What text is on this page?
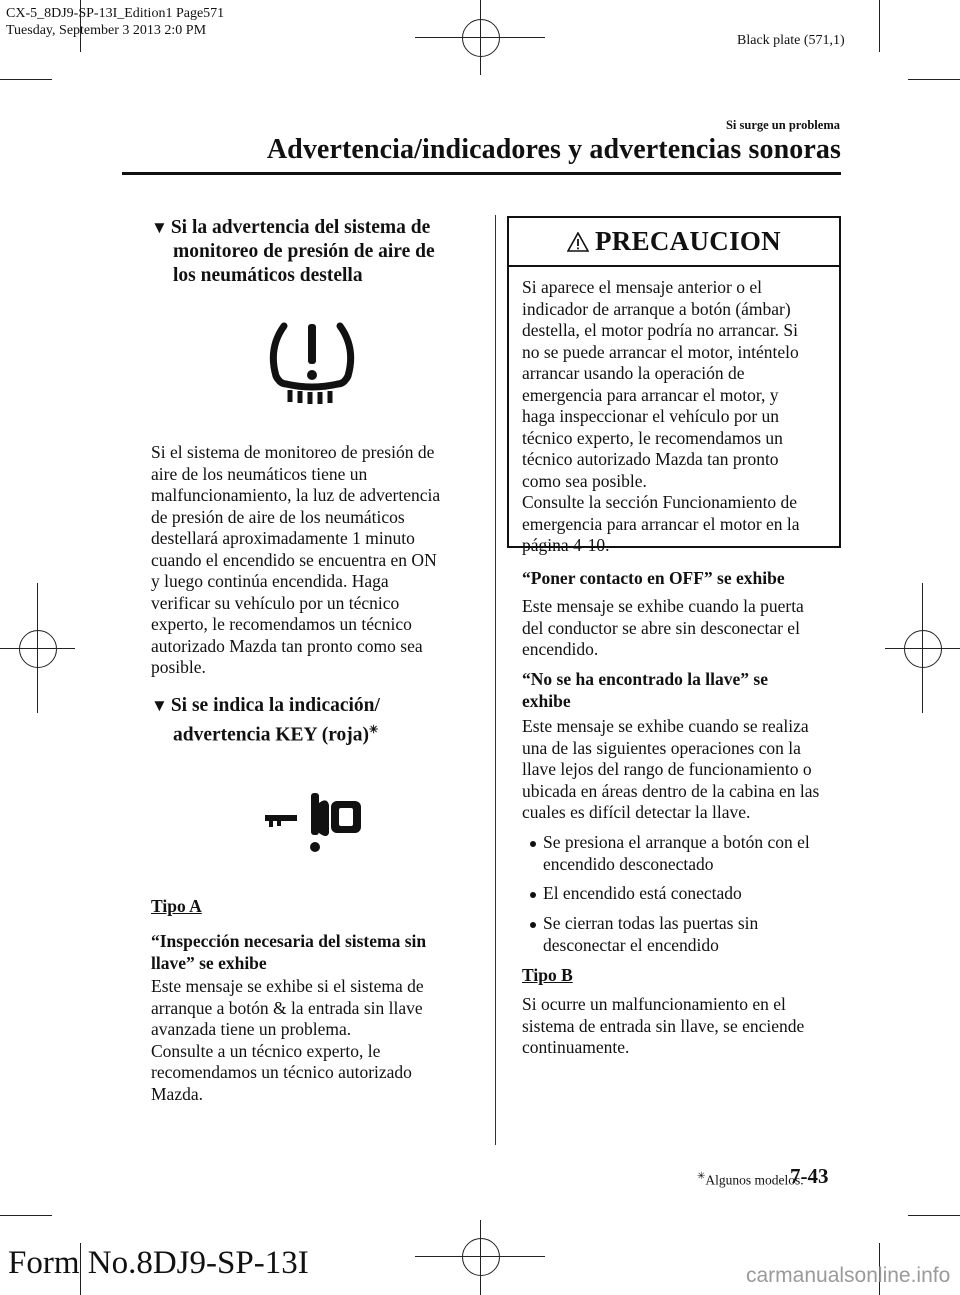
CX-5_8DJ9-SP-13I_Edition1 Page571
Tuesday, September 3 2013 2:0 PM
Black plate (571,1)
Si surge un problema
Advertencia/indicadores y advertencias sonoras
▼ Si la advertencia del sistema de
monitoreo de presión de aire de
los neumáticos destella
Si el sistema de monitoreo de presión de
aire de los neumáticos tiene un
malfuncionamiento, la luz de advertencia
de presión de aire de los neumáticos
destellará aproximadamente 1 minuto
cuando el encendido se encuentra en ON
y luego continúa encendida. Haga
verificar su vehículo por un técnico
experto, le recomendamos un técnico
autorizado Mazda tan pronto como sea
posible.
▼ Si se indica la indicación/
advertencia KEY (roja)✳
Tipo A
“Inspección necesaria del sistema sin
llave” se exhibe
Este mensaje se exhibe si el sistema de
arranque a botón & la entrada sin llave
avanzada tiene un problema.
Consulte a un técnico experto, le
recomendamos un técnico autorizado
Mazda.
PRECAUCION
Si aparece el mensaje anterior o el
indicador de arranque a botón (ámbar)
destella, el motor podría no arrancar. Si
no se puede arrancar el motor, inténtelo
arrancar usando la operación de
emergencia para arrancar el motor, y
haga inspeccionar el vehículo por un
técnico experto, le recomendamos un
técnico autorizado Mazda tan pronto
como sea posible.
Consulte la sección Funcionamiento de
emergencia para arrancar el motor en la
página 4-10.
“Poner contacto en OFF” se exhibe
Este mensaje se exhibe cuando la puerta
del conductor se abre sin desconectar el
encendido.
“No se ha encontrado la llave” se
exhibe
Este mensaje se exhibe cuando se realiza
una de las siguientes operaciones con la
llave lejos del rango de funcionamiento o
ubicada en áreas dentro de la cabina en las
cuales es difícil detectar la llave.
Se presiona el arranque a botón con el
encendido desconectado
El encendido está conectado
Se cierran todas las puertas sin
desconectar el encendido
Tipo B
Si ocurre un malfuncionamiento en el
sistema de entrada sin llave, se enciende
continuamente.
✳Algunos modelos.
7-43
Form No.8DJ9-SP-13I	carmanualsonline.info
